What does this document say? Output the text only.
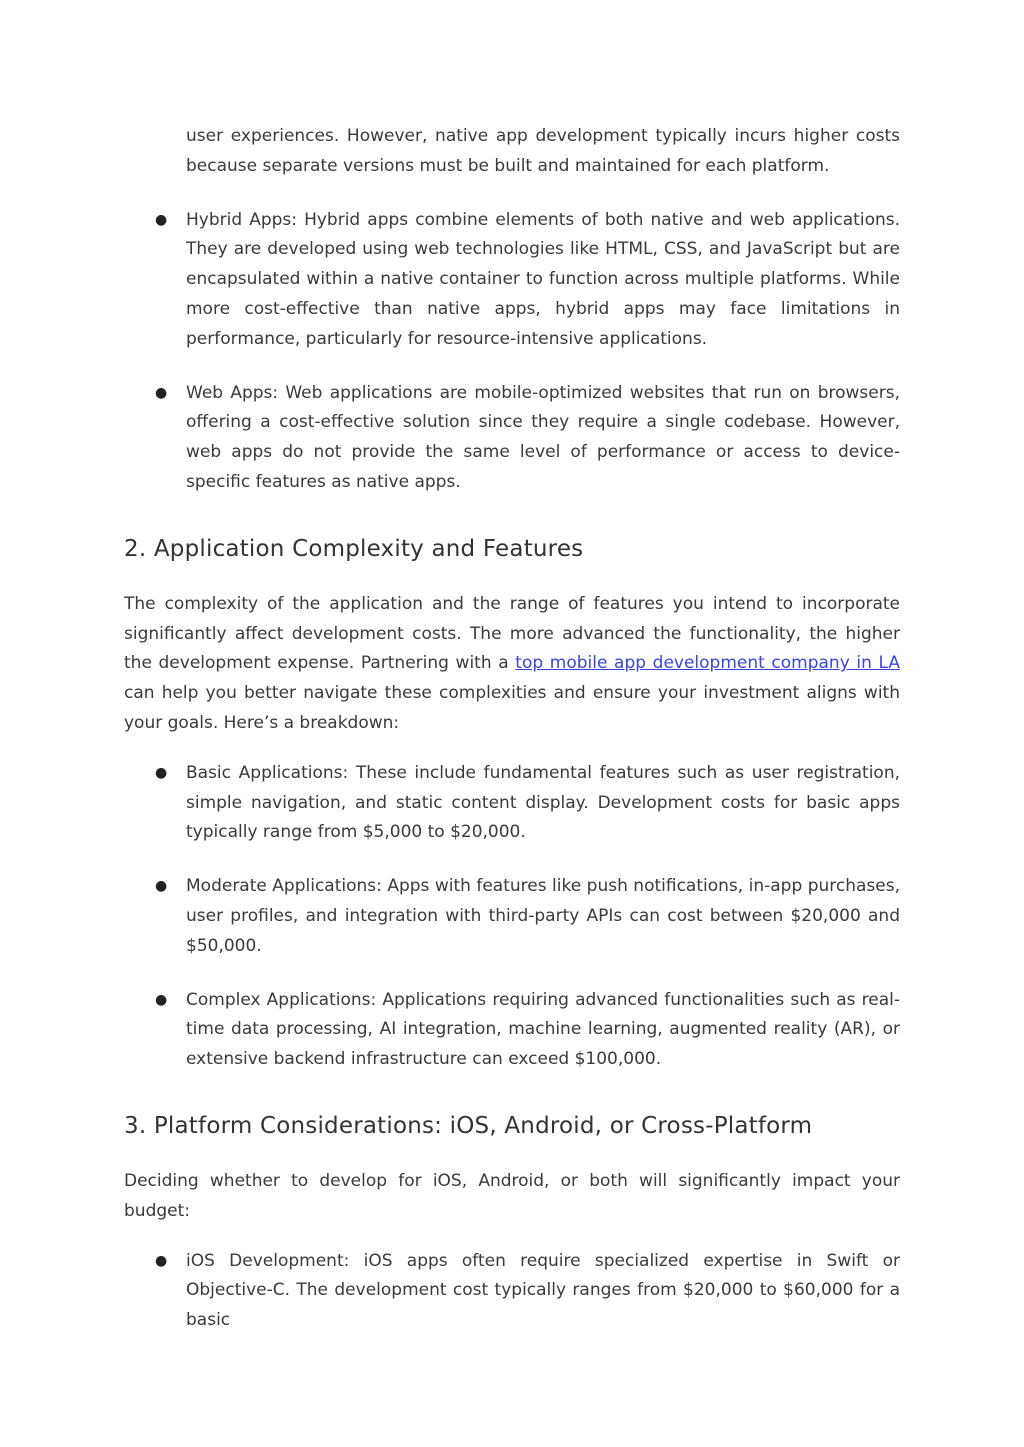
user experiences. However, native app development typically incurs higher costs because separate versions must be built and maintained for each platform.

● Hybrid Apps: Hybrid apps combine elements of both native and web applications. They are developed using web technologies like HTML, CSS, and JavaScript but are encapsulated within a native container to function across multiple platforms. While more cost-effective than native apps, hybrid apps may face limitations in performance, particularly for resource-intensive applications.
● Web Apps: Web applications are mobile-optimized websites that run on browsers, offering a cost-effective solution since they require a single codebase. However, web apps do not provide the same level of performance or access to device-specific features as native apps.
2. Application Complexity and Features

The complexity of the application and the range of features you intend to incorporate significantly affect development costs. The more advanced the functionality, the higher the development expense. Partnering with a top mobile app development company in LA can help you better navigate these complexities and ensure your investment aligns with your goals. Here’s a breakdown:

● Basic Applications: These include fundamental features such as user registration, simple navigation, and static content display. Development costs for basic apps typically range from $5,000 to $20,000.
● Moderate Applications: Apps with features like push notifications, in-app purchases, user profiles, and integration with third-party APIs can cost between $20,000 and $50,000.
● Complex Applications: Applications requiring advanced functionalities such as real-time data processing, AI integration, machine learning, augmented reality (AR), or extensive backend infrastructure can exceed $100,000.
3. Platform Considerations: iOS, Android, or Cross-Platform

Deciding whether to develop for iOS, Android, or both will significantly impact your budget:

● iOS Development: iOS apps often require specialized expertise in Swift or Objective-C. The development cost typically ranges from $20,000 to $60,000 for a basic
